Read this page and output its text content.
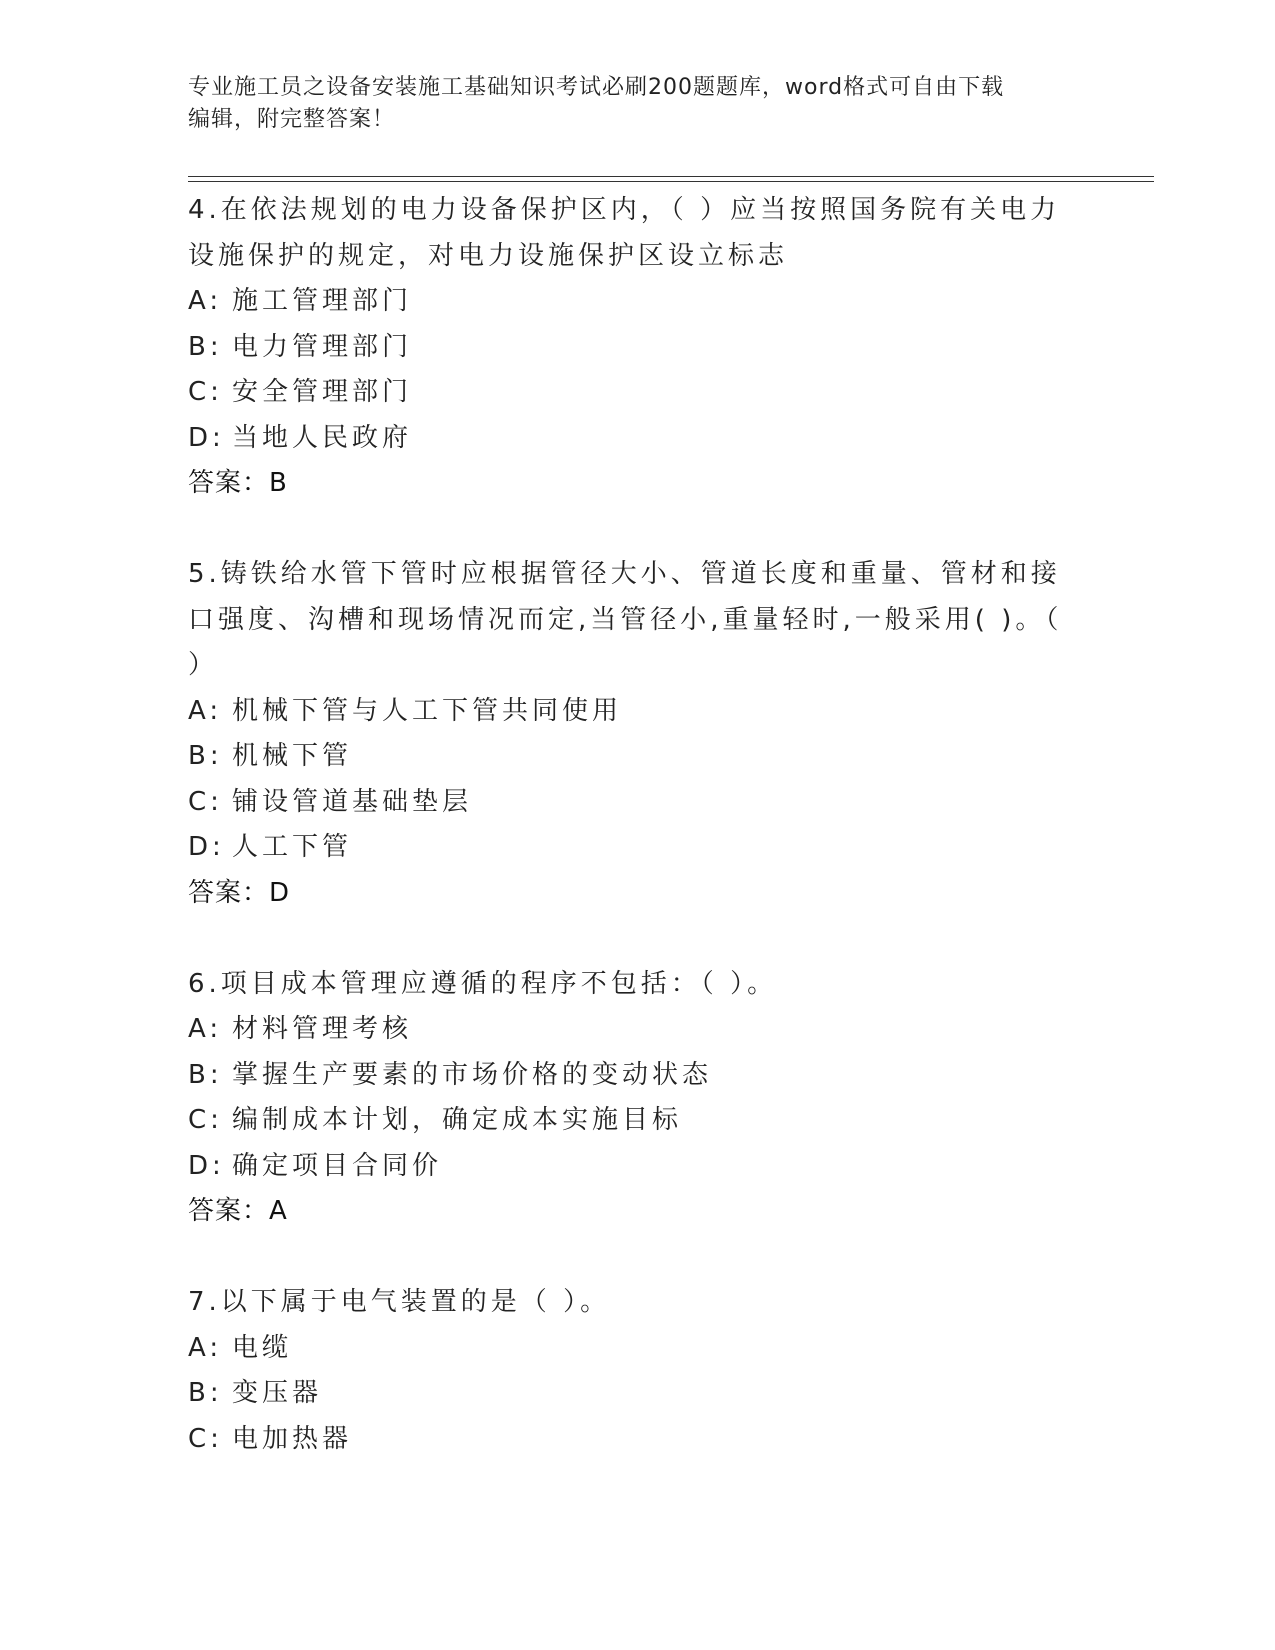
专业施工员之设备安装施工基础知识考试必刷200题题库，word格式可自由下载
编辑，附完整答案！
4.在依法规划的电力设备保护区内，（ ）应当按照国务院有关电力设施保护的规定，对电力设施保护区设立标志
A: 施工管理部门
B: 电力管理部门
C: 安全管理部门
D: 当地人民政府
答案：B
5.铸铁给水管下管时应根据管径大小、管道长度和重量、管材和接口强度、沟槽和现场情况而定,当管径小,重量轻时,一般采用( )。（ ）
A: 机械下管与人工下管共同使用
B: 机械下管
C: 铺设管道基础垫层
D: 人工下管
答案：D
6.项目成本管理应遵循的程序不包括：（ ）。
A: 材料管理考核
B: 掌握生产要素的市场价格的变动状态
C: 编制成本计划，确定成本实施目标
D: 确定项目合同价
答案：A
7.以下属于电气装置的是（ ）。
A: 电缆
B: 变压器
C: 电加热器
